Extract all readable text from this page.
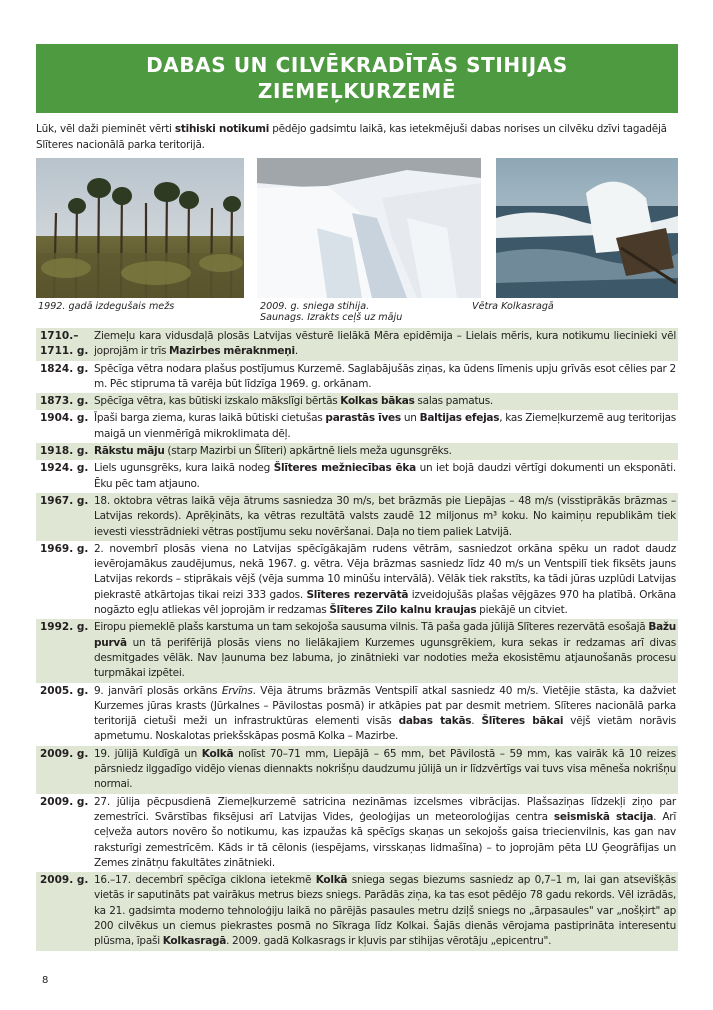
DABAS UN CILVĒKRADĪTĀS STIHIJAS
ZIEMEĻKURZEMĒ
Lūk, vēl daži pieminēt vērti stihiski notikumi pēdējo gadsimtu laikā, kas ietekmējuši dabas norises un cilvēku dzīvi tagadējā Slīteres nacionālā parka teritorijā.
1992. gadā izdegušais mežs	2009. g. sniega stihija.
Saunags. Izrakts ceļš uz māju
Vētra Kolkasragā
1710.–
1711. g.
Ziemeļu kara vidusdaļā plosās Latvijas vēsturē lielākā Mēra epidēmija – Lielais mēris, kura notikumu liecinieki vēl joprojām ir trīs Mazirbes mēraknmeņi.
1824. g. Spēcīga vētra nodara plašus postījumus Kurzemē. Saglabājušās ziņas, ka ūdens līmenis upju grīvās esot cēlies par 2 m. Pēc stipruma tā varēja būt līdzīga 1969. g. orkānam.
1873. g. Spēcīga vētra, kas būtiski izskalo mākslīgi bērtās Kolkas bākas salas pamatus.
1904. g. Īpaši barga ziema, kuras laikā būtiski cietušas parastās īves un Baltijas efejas, kas Ziemeļkurzemē aug teritorijas maigā un vienmērīgā mikroklimata dēļ.
1918. g. Rākstu māju (starp Mazirbi un Šlīteri) apkārtnē liels meža ugunsgrēks.
1924. g. Liels ugunsgrēks, kura laikā nodeg Šlīteres mežniecības ēka un iet bojā daudzi vērtīgi dokumenti un eksponāti. Ēku pēc tam atjauno.
1967. g. 18. oktobra vētras laikā vēja ātrums sasniedza 30 m/s, bet brāzmās pie Liepājas – 48 m/s (visstiprākās brāzmas – Latvijas rekords). Aprēķināts, ka vētras rezultātā valsts zaudē 12 miljonus m³ koku. No kaimiņu republikām tiek ievesti viesstrādnieki vētras postījumu seku novēršanai. Daļa no tiem paliek Latvijā.
1969. g. 2. novembrī plosās viena no Latvijas spēcīgākajām rudens vētrām, sasniedzot orkāna spēku un radot daudz ievērojamākus zaudējumus, nekā 1967. g. vētra. Vēja brāzmas sasniedz līdz 40 m/s un Ventspilī tiek fiksēts jauns Latvijas rekords – stiprākais vējš (vēja summa 10 minūšu intervālā). Vēlāk tiek rakstīts, ka tādi jūras uzplūdi Latvijas piekrastē atkārtojas tikai reizi 333 gados. Slīteres rezervātā izveidojušās plašas vējgāzes 970 ha platībā. Orkāna nogāzto egļu atliekas vēl joprojām ir redzamas Šlīteres Zilo kalnu kraujas piekājē un citviet.
1992. g. Eiropu piemeklē plašs karstuma un tam sekojoša sausuma vilnis. Tā paša gada jūlijā Slīteres rezervātā esošajā Bažu purvā un tā perifērijā plosās viens no lielākajiem Kurzemes ugunsgrēkiem, kura sekas ir redzamas arī divas desmitgades vēlāk. Nav ļaunuma bez labuma, jo zinātnieki var nodoties meža ekosistēmu atjaunošanās procesu turpmākai izpētei.
2005. g. 9. janvārī plosās orkāns Ervīns. Vēja ātrums brāzmās Ventspilī atkal sasniedz 40 m/s. Vietējie stāsta, ka dažviet Kurzemes jūras krasts (Jūrkalnes – Pāvilostas posmā) ir atkāpies pat par desmit metriem. Slīteres nacionālā parka teritorijā cietuši meži un infrastruktūras elementi visās dabas takās. Šlīteres bākai vējš vietām norāvis apmetumu. Noskalotas priekšskāpas posmā Kolka – Mazirbe.
2009. g. 19. jūlijā Kuldīgā un Kolkā nolīst 70–71 mm, Liepājā – 65 mm, bet Pāvilostā – 59 mm, kas vairāk kā 10 reizes pārsniedz ilggadīgo vidējo vienas diennakts nokrišņu daudzumu jūlijā un ir līdzvērtīgs vai tuvs visa mēneša nokrišņu normai.
2009. g. 27. jūlija pēcpusdienā Ziemeļkurzemē satricina nezināmas izcelsmes vibrācijas. Plašsaziņas līdzekļi ziņo par zemestrīci. Svārstības fiksējusi arī Latvijas Vides, ģeoloģijas un meteoroloģijas centra seismiskā stacija. Arī ceļveža autors novēro šo notikumu, kas izpaužas kā spēcīgs skaņas un sekojošs gaisa triecienvilnis, kas gan nav raksturīgi zemestrīcēm. Kāds ir tā cēlonis (iespējams, virsskaņas lidmašīna) – to joprojām pēta LU Ģeogrāfijas un Zemes zinātņu fakultātes zinātnieki.
2009. g. 16.–17. decembrī spēcīga ciklona ietekmē Kolkā sniega segas biezums sasniedz ap 0,7–1 m, lai gan atsevišķās vietās ir saputināts pat vairākus metrus biezs sniegs. Parādās ziņa, ka tas esot pēdējo 78 gadu rekords. Vēl izrādās, ka 21. gadsimta moderno tehnoloģiju laikā no pārējās pasaules metru dziļš sniegs no „ārpasaules" var „nošķirt" ap 200 cilvēkus un ciemus piekrastes posmā no Sīkraga līdz Kolkai. Šajās dienās vērojama pastiprināta interesentu plūsma, īpaši Kolkasragā. 2009. gadā Kolkasrags ir kļuvis par stihijas vērotāju „epicentru".
8
